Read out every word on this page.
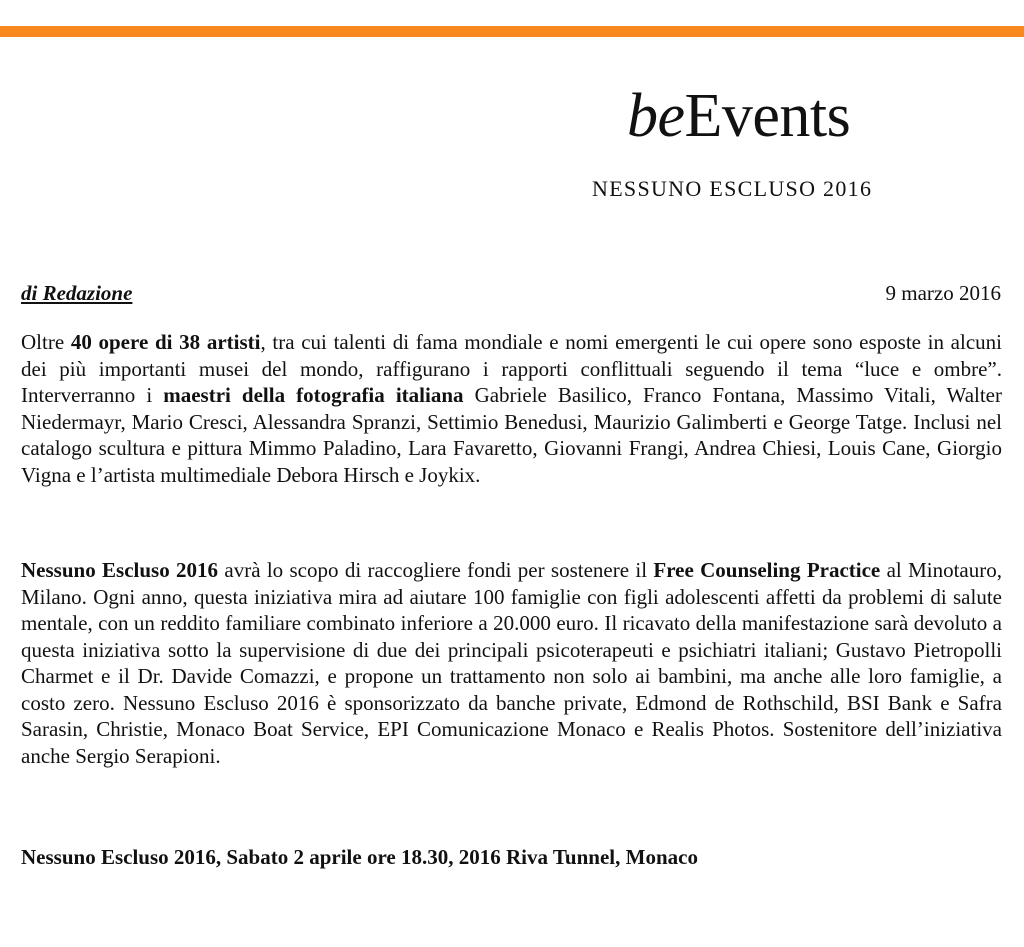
beEvents
NESSUNO ESCLUSO 2016
di Redazione	9 marzo 2016

Oltre 40 opere di 38 artisti, tra cui talenti di fama mondiale e nomi emergenti le cui opere sono esposte in alcuni dei più importanti musei del mondo, raffigurano i rapporti conflittuali seguendo il tema “luce e ombre”. Interverranno i maestri della fotografia italiana Gabriele Basilico, Franco Fontana, Massimo Vitali, Walter Niedermayr, Mario Cresci, Alessandra Spranzi, Settimio Benedusi, Maurizio Galimberti e George Tatge. Inclusi nel catalogo scultura e pittura Mimmo Paladino, Lara Favaretto, Giovanni Frangi, Andrea Chiesi, Louis Cane, Giorgio Vigna e l’artista multimediale Debora Hirsch e Joykix.

Nessuno Escluso 2016 avrà lo scopo di raccogliere fondi per sostenere il Free Counseling Practice al Minotauro, Milano. Ogni anno, questa iniziativa mira ad aiutare 100 famiglie con figli adolescenti affetti da problemi di salute mentale, con un reddito familiare combinato inferiore a 20.000 euro. Il ricavato della manifestazione sarà devoluto a questa iniziativa sotto la supervisione di due dei principali psicoterapeuti e psichiatri italiani; Gustavo Pietropolli Charmet e il Dr. Davide Comazzi, e propone un trattamento non solo ai bambini, ma anche alle loro famiglie, a costo zero. Nessuno Escluso 2016 è sponsorizzato da banche private, Edmond de Rothschild, BSI Bank e Safra Sarasin, Christie, Monaco Boat Service, EPI Comunicazione Monaco e Realis Photos. Sostenitore dell’iniziativa anche Sergio Serapioni.

Nessuno Escluso 2016, Sabato 2 aprile ore 18.30, 2016 Riva Tunnel, Monaco
